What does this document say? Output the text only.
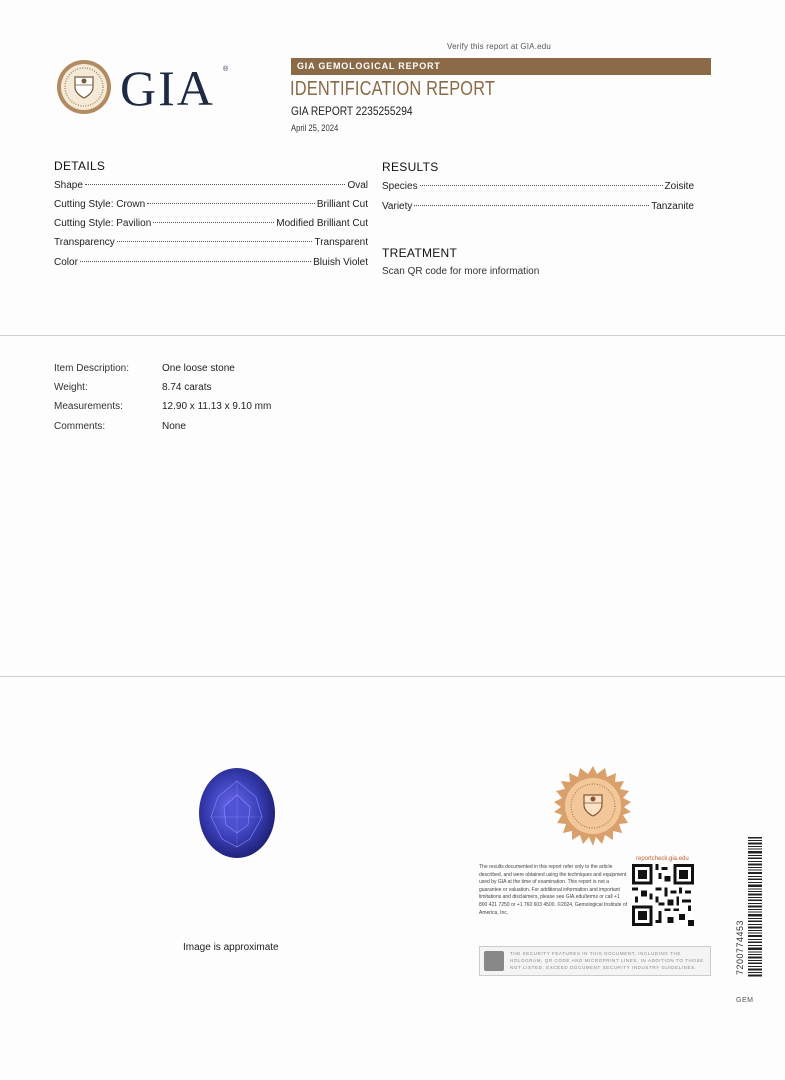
Verify this report at GIA.edu
GIA ®	GIA GEMOLOGICAL REPORT
IDENTIFICATION REPORT
GIA REPORT 2235255294
April 25, 2024
DETAILS
Shape	Oval
Cutting Style: Crown	Brilliant Cut
Cutting Style: Pavilion	Modified Brilliant Cut
Transparency	Transparent
Color	Bluish Violet
RESULTS
Species	Zoisite
Variety	Tanzanite
TREATMENT
Scan QR code for more information
Item Description:	One loose stone
Weight:	8.74 carats
Measurements:	12.90 x 11.13 x 9.10 mm
Comments:	None
Image is approximate
reportcheck.gia.edu
The results documented in this report refer only to the article described, and were obtained using the techniques and equipment used by GIA at the time of examination. This report is not a guarantee or valuation. For additional information and important limitations and disclaimers, please see GIA.edu/terms or call +1 800 421 7250 or +1 760 603 4500. ©2024, Gemological Institute of America, Inc.
THE SECURITY FEATURES IN THIS DOCUMENT, INCLUDING THE HOLOGRAM, QR CODE AND MICROPRINT LINES, IN ADDITION TO THOSE NOT LISTED, EXCEED DOCUMENT SECURITY INDUSTRY GUIDELINES.	7200774453
GEM
